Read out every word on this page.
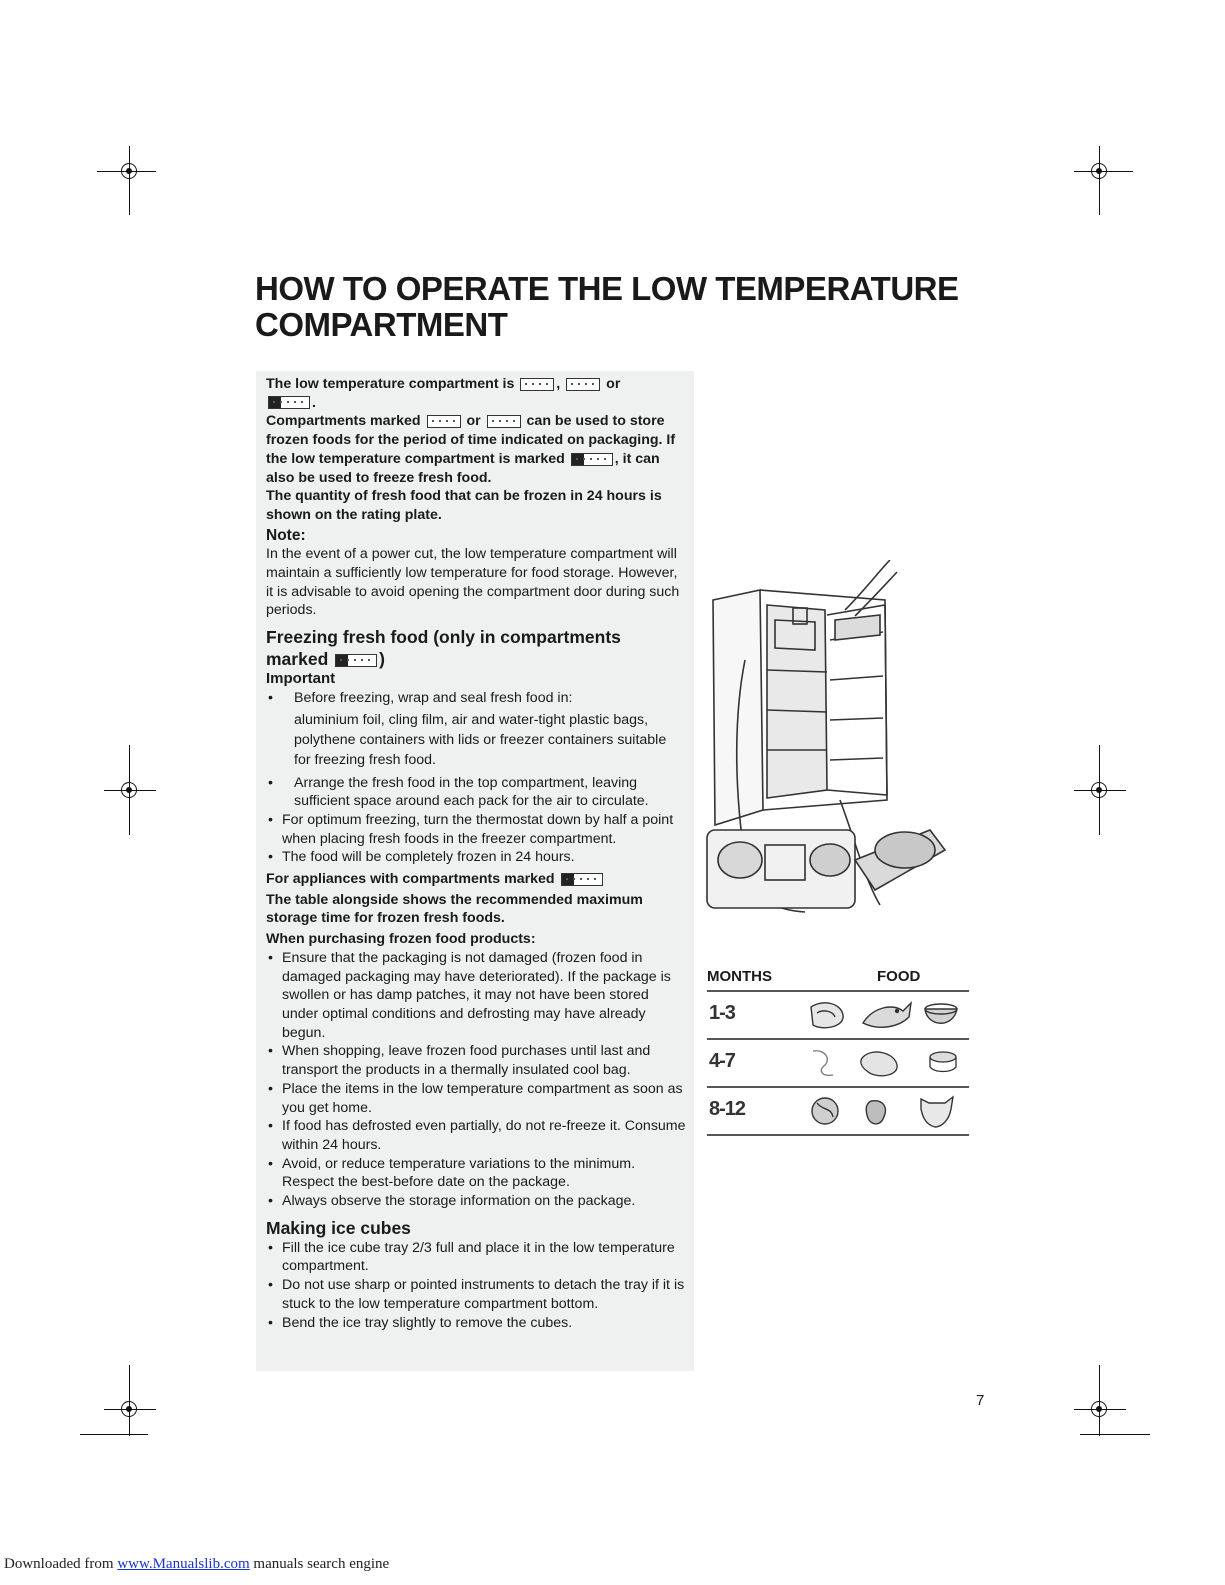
HOW TO OPERATE THE LOW TEMPERATURE
COMPARTMENT
The low temperature compartment is	,	or
.
Compartments marked	or	can be used to store frozen foods for the period of time indicated on packaging. If the low temperature compartment is marked	, it can also be used to freeze fresh food.
The quantity of fresh food that can be frozen in 24 hours is shown on the rating plate.
Note:
In the event of a power cut, the low temperature compartment will maintain a sufficiently low temperature for food storage. However, it is advisable to avoid opening the compartment door during such periods.
Freezing fresh food (only in compartments marked	)
Important
• Before freezing, wrap and seal fresh food in:
aluminium foil, cling film, air and water-tight plastic bags, polythene containers with lids or freezer containers suitable for freezing fresh food.
• Arrange the fresh food in the top compartment, leaving sufficient space around each pack for the air to circulate.
• For optimum freezing, turn the thermostat down by half a point when placing fresh foods in the freezer compartment.
• The food will be completely frozen in 24 hours.
For appliances with compartments marked
The table alongside shows the recommended maximum storage time for frozen fresh foods.
When purchasing frozen food products:
• Ensure that the packaging is not damaged (frozen food in damaged packaging may have deteriorated). If the package is swollen or has damp patches, it may not have been stored under optimal conditions and defrosting may have already begun.
• When shopping, leave frozen food purchases until last and transport the products in a thermally insulated cool bag.
• Place the items in the low temperature compartment as soon as you get home.
• If food has defrosted even partially, do not re-freeze it. Consume within 24 hours.
• Avoid, or reduce temperature variations to the minimum. Respect the best-before date on the package.
• Always observe the storage information on the package.
Making ice cubes
• Fill the ice cube tray 2/3 full and place it in the low temperature compartment.
• Do not use sharp or pointed instruments to detach the tray if it is stuck to the low temperature compartment bottom.
• Bend the ice tray slightly to remove the cubes.
MONTHS	FOOD
1-3
4-7
8-12
7
Downloaded from www.Manualslib.com manuals search engine
